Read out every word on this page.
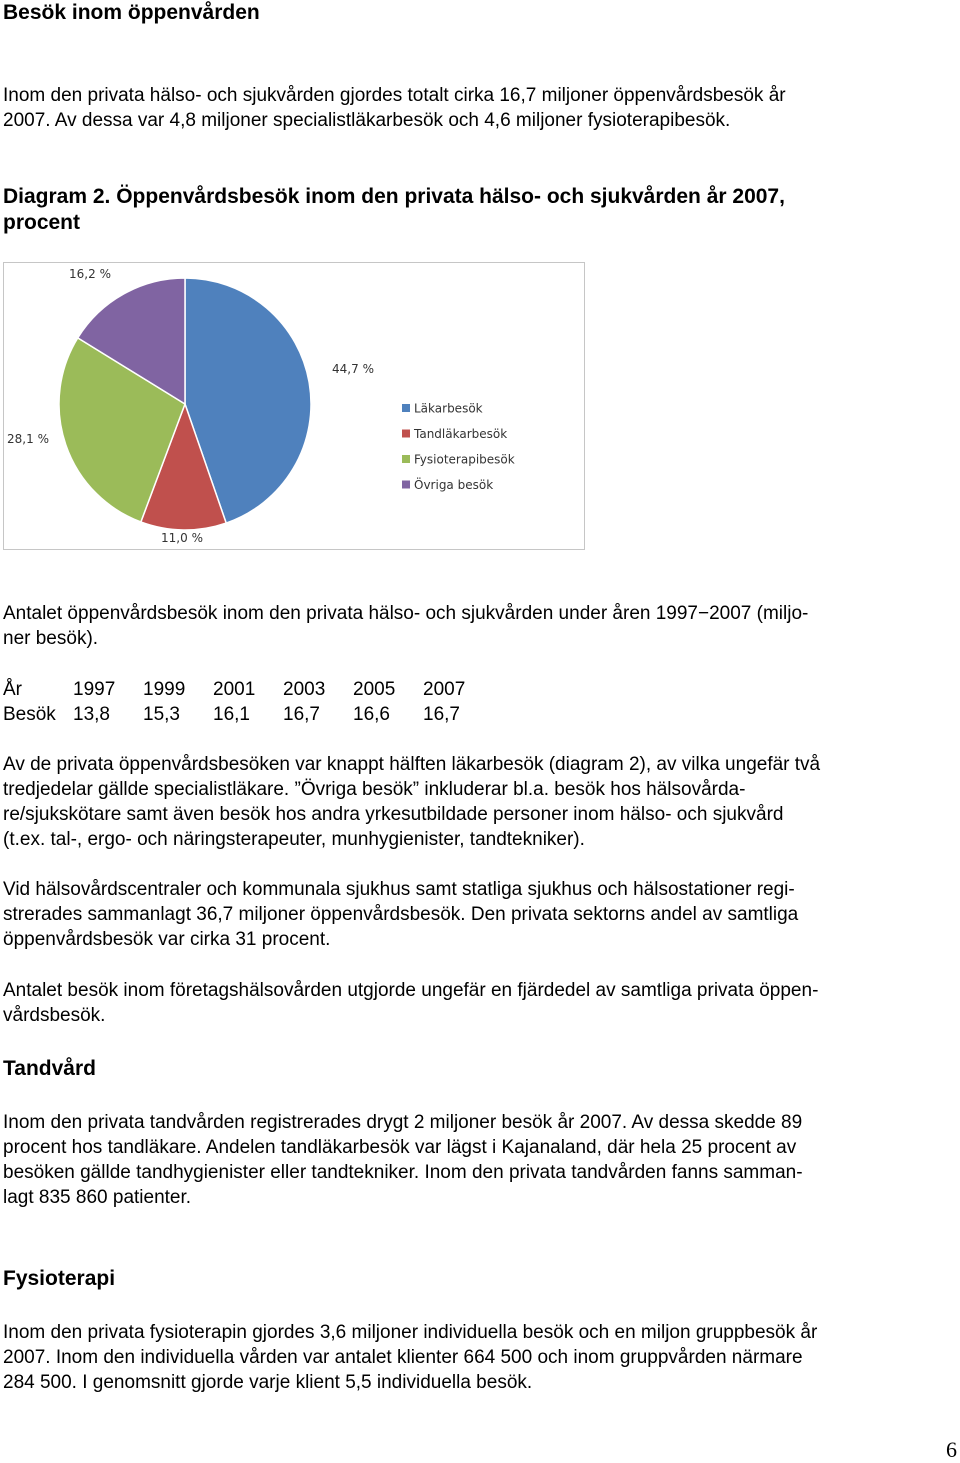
Besök inom öppenvården
Inom den privata hälso- och sjukvården gjordes totalt cirka 16,7 miljoner öppenvårdsbesök år
2007. Av dessa var 4,8 miljoner specialistläkarbesök och 4,6 miljoner fysioterapibesök.
Diagram 2. Öppenvårdsbesök inom den privata hälso- och sjukvården år 2007,
procent
44,7 %
11,0 %
28,1 %
16,2 %
Läkarbesök
Tandläkarbesök
Fysioterapibesök
Övriga besök
Antalet öppenvårdsbesök inom den privata hälso- och sjukvården under åren 1997−2007 (miljo-
ner besök).
År	1997 1999 2001 2003 2005 2007
Besök 13,8 15,3 16,1 16,7 16,6 16,7
Av de privata öppenvårdsbesöken var knappt hälften läkarbesök (diagram 2), av vilka ungefär två
tredjedelar gällde specialistläkare. ”Övriga besök” inkluderar bl.a. besök hos hälsovårda-
re/sjukskötare samt även besök hos andra yrkesutbildade personer inom hälso- och sjukvård
(t.ex. tal-, ergo- och näringsterapeuter, munhygienister, tandtekniker).
Vid hälsovårdscentraler och kommunala sjukhus samt statliga sjukhus och hälsostationer regi-
strerades sammanlagt 36,7 miljoner öppenvårdsbesök. Den privata sektorns andel av samtliga
öppenvårdsbesök var cirka 31 procent.
Antalet besök inom företagshälsovården utgjorde ungefär en fjärdedel av samtliga privata öppen-
vårdsbesök.
Tandvård
Inom den privata tandvården registrerades drygt 2 miljoner besök år 2007. Av dessa skedde 89
procent hos tandläkare. Andelen tandläkarbesök var lägst i Kajanaland, där hela 25 procent av
besöken gällde tandhygienister eller tandtekniker. Inom den privata tandvården fanns samman-
lagt 835 860 patienter.
Fysioterapi
Inom den privata fysioterapin gjordes 3,6 miljoner individuella besök och en miljon gruppbesök år
2007. Inom den individuella vården var antalet klienter 664 500 och inom gruppvården närmare
284 500. I genomsnitt gjorde varje klient 5,5 individuella besök.
6
